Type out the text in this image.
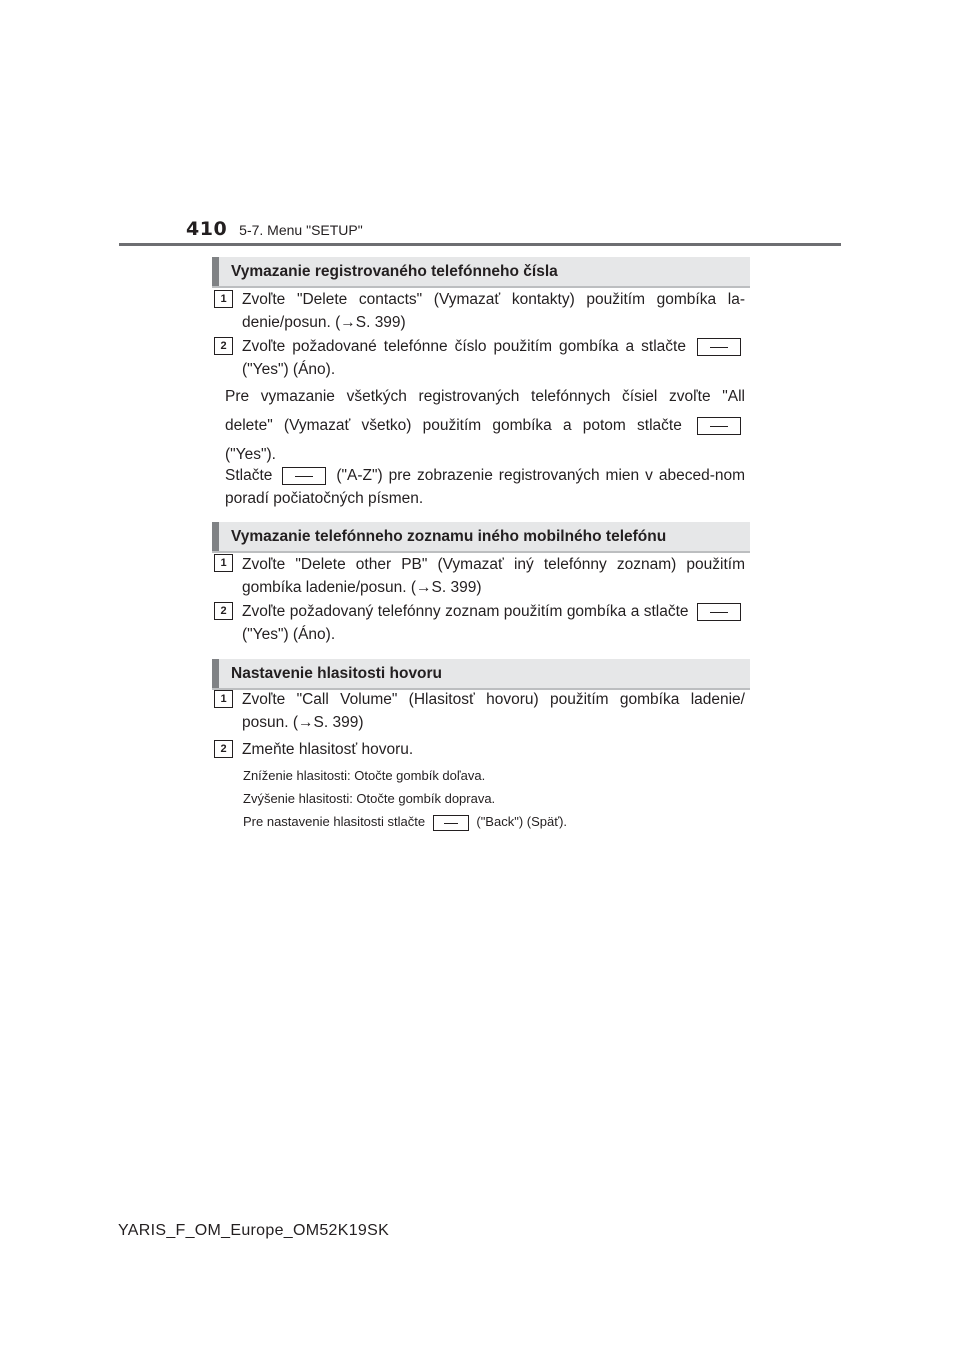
410 5-7. Menu "SETUP"
Vymazanie registrovaného telefónneho čísla
1 Zvoľte "Delete contacts" (Vymazať kontakty) použitím gombíka la-denie/posun. (→S. 399)
2 Zvoľte požadované telefónne číslo použitím gombíka a stlačte  ("Yes") (Áno).
Pre vymazanie všetkých registrovaných telefónnych čísiel zvoľte "All delete" (Vymazať všetko) použitím gombíka a potom stlačte  ("Yes").
Stlačte	("A-Z") pre zobrazenie registrovaných mien v abeced-nom poradí počiatočných písmen.
Vymazanie telefónneho zoznamu iného mobilného telefónu
1 Zvoľte "Delete other PB" (Vymazať iný telefónny zoznam) použitím gombíka ladenie/posun. (→S. 399)
2 Zvoľte požadovaný telefónny zoznam použitím gombíka a stlačte  ("Yes") (Áno).
Nastavenie hlasitosti hovoru
1 Zvoľte "Call Volume" (Hlasitosť hovoru) použitím gombíka ladenie/ posun. (→S. 399)
2 Zmeňte hlasitosť hovoru.
Zníženie hlasitosti: Otočte gombík doľava.
Zvýšenie hlasitosti: Otočte gombík doprava.
Pre nastavenie hlasitosti stlačte	("Back") (Späť).
YARIS_F_OM_Europe_OM52K19SK
